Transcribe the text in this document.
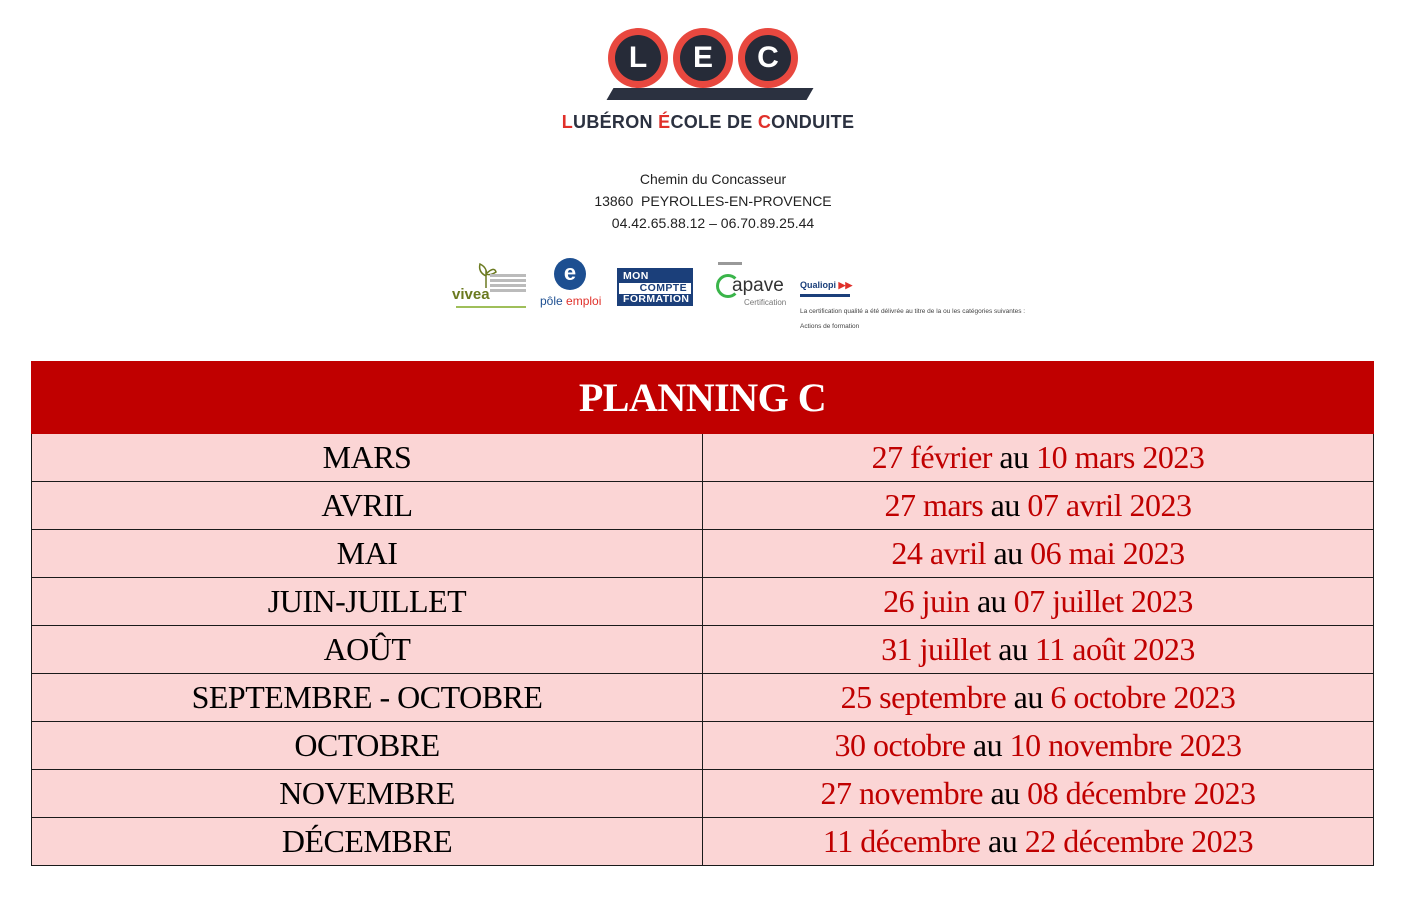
L	E	C
LUBÉRON ÉCOLE DE CONDUITE
Chemin du Concasseur
13860  PEYROLLES-EN-PROVENCE
04.42.65.88.12 – 06.70.89.25.44
vivea
e
pôle emploi
MON
COMPTE
FORMATION
apave
Certification
Qualiopi ▶▶
La certification qualité a été délivrée au titre de la ou les catégories suivantes :
Actions de formation
PLANNING C	
MARS	27 février au 10 mars 2023
AVRIL	27 mars au 07 avril 2023
MAI	24 avril au 06 mai 2023
JUIN-JUILLET	26 juin au 07 juillet 2023
AOÛT	31 juillet au 11 août 2023
SEPTEMBRE - OCTOBRE	25 septembre au 6 octobre 2023
OCTOBRE	30 octobre au 10 novembre 2023
NOVEMBRE	27 novembre au 08 décembre 2023
DÉCEMBRE	11 décembre au 22 décembre 2023
